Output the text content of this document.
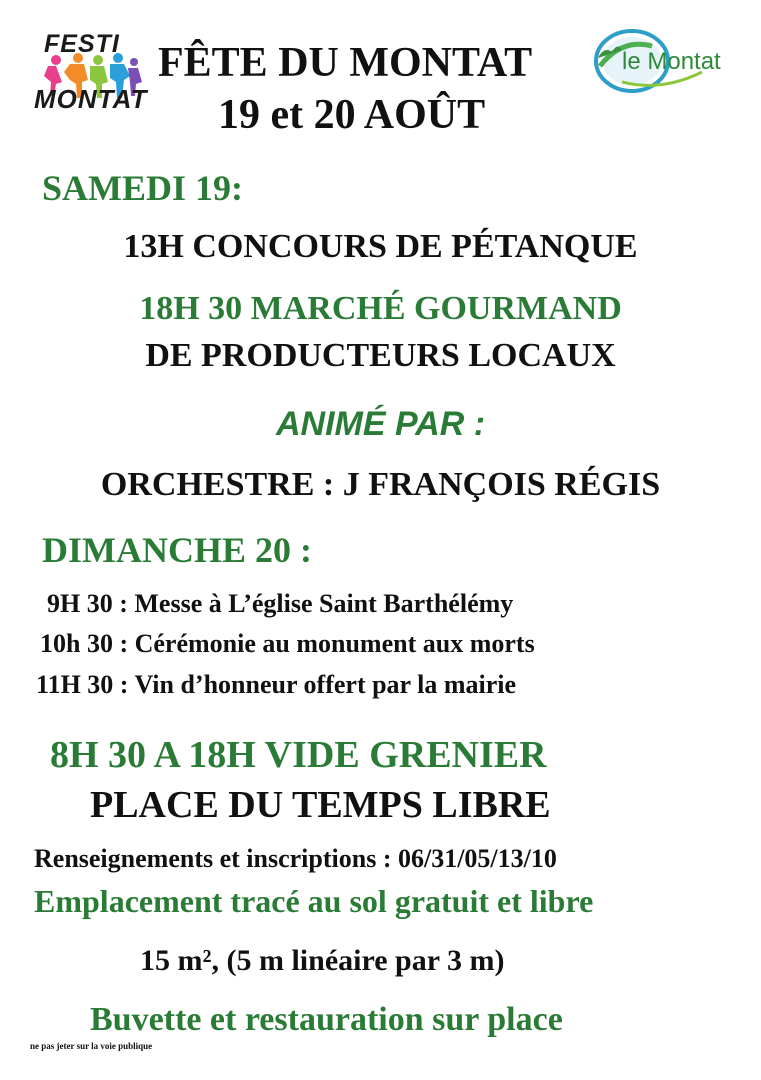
FESTI
MONTAT
le Montat
FÊTE DU MONTAT
19 et 20 AOÛT
SAMEDI 19:
13H CONCOURS DE PÉTANQUE
18H 30 MARCHÉ GOURMAND
DE PRODUCTEURS LOCAUX
ANIMÉ PAR :
ORCHESTRE : J FRANÇOIS RÉGIS
DIMANCHE 20 :
9H 30 : Messe à L’église Saint Barthélémy
10h 30 : Cérémonie au monument aux morts
11H 30 : Vin d’honneur offert par la mairie
8H 30 A 18H VIDE GRENIER
PLACE DU TEMPS LIBRE
Renseignements et inscriptions : 06/31/05/13/10
Emplacement tracé au sol gratuit et libre
15 m², (5 m linéaire par 3 m)
Buvette et restauration sur place
ne pas jeter sur la voie publique
